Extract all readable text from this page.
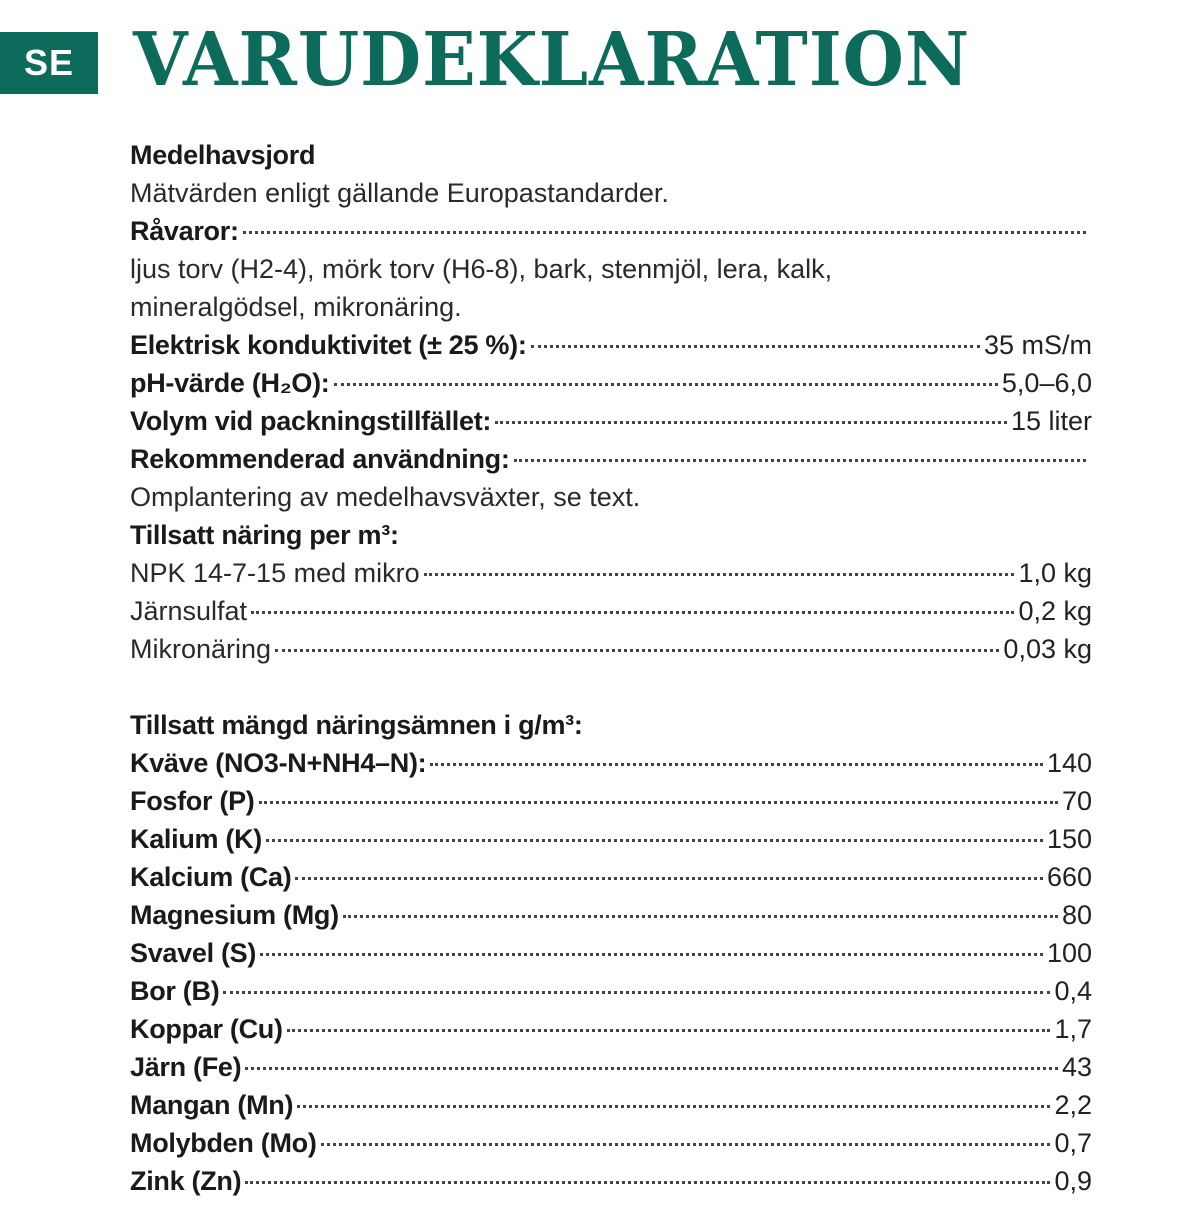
SE VARUDEKLARATION
Medelhavsjord
Mätvärden enligt gällande Europastandarder.
Råvaror:
ljus torv (H2-4), mörk torv (H6-8), bark, stenmjöl, lera, kalk,
mineralgödsel, mikronäring.
Elektrisk konduktivitet (± 25 %):	35 mS/m
pH-värde (H₂O):	5,0–6,0
Volym vid packningstillfället:	15 liter
Rekommenderad användning:
Omplantering av medelhavsväxter, se text.
Tillsatt näring per m³:
NPK 14-7-15 med mikro	1,0 kg
Järnsulfat	0,2 kg
Mikronäring	0,03 kg
Tillsatt mängd näringsämnen i g/m³:
Kväve (NO3-N+NH4–N):	140
Fosfor (P)	70
Kalium (K)	150
Kalcium (Ca)	660
Magnesium (Mg)	80
Svavel (S)	100
Bor (B)	0,4
Koppar (Cu)	1,7
Järn (Fe)	43
Mangan (Mn)	2,2
Molybden (Mo)	0,7
Zink (Zn)	0,9
